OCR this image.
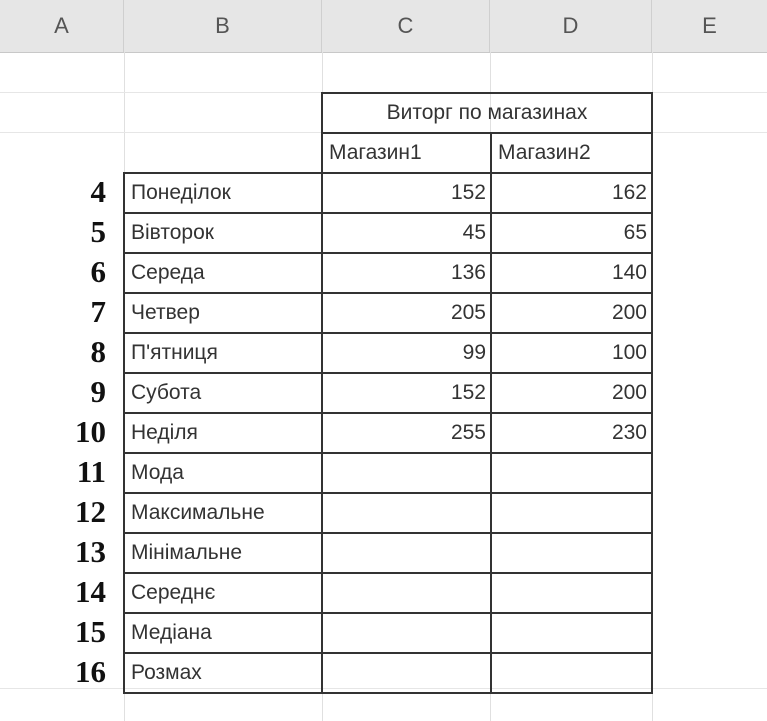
A	B	C	D	E
Виторг по магазинах
Магазин1	Магазин2
4	Понеділок	152	162
5	Вівторок	45	65
6	Середа	136	140
7	Четвер	205	200
8	П'ятниця	99	100
9	Субота	152	200
10	Неділя	255	230
11	Мода
12	Максимальне
13	Мінімальне
14	Середнє
15	Медіана
16	Розмах
